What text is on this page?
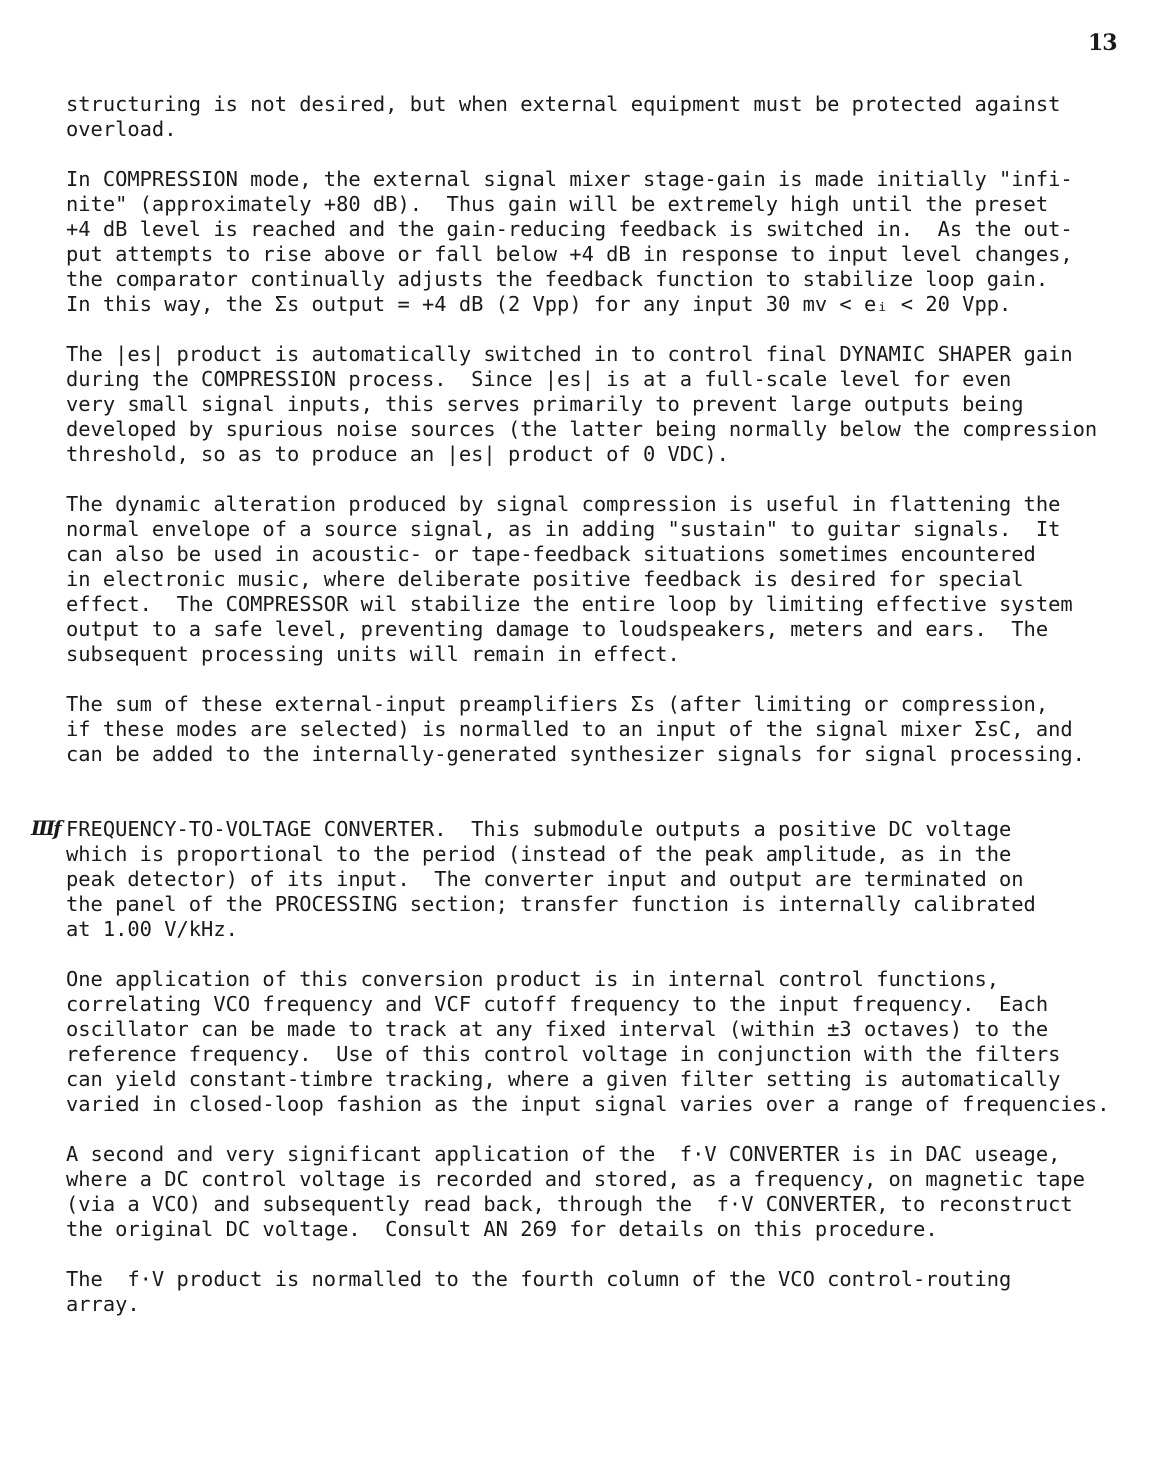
13

structuring is not desired, but when external equipment must be protected against
overload.

In COMPRESSION mode, the external signal mixer stage-gain is made initially "infi-
nite" (approximately +80 dB).  Thus gain will be extremely high until the preset
+4 dB level is reached and the gain-reducing feedback is switched in.  As the out-
put attempts to rise above or fall below +4 dB in response to input level changes,
the comparator continually adjusts the feedback function to stabilize loop gain.
In this way, the Σs output = +4 dB (2 Vpp) for any input 30 mv < eᵢ < 20 Vpp.

The |es| product is automatically switched in to control final DYNAMIC SHAPER gain
during the COMPRESSION process.  Since |es| is at a full-scale level for even
very small signal inputs, this serves primarily to prevent large outputs being
developed by spurious noise sources (the latter being normally below the compression
threshold, so as to produce an |es| product of 0 VDC).

The dynamic alteration produced by signal compression is useful in flattening the
normal envelope of a source signal, as in adding "sustain" to guitar signals.  It
can also be used in acoustic- or tape-feedback situations sometimes encountered
in electronic music, where deliberate positive feedback is desired for special
effect.  The COMPRESSOR wil stabilize the entire loop by limiting effective system
output to a safe level, preventing damage to loudspeakers, meters and ears.  The
subsequent processing units will remain in effect.

The sum of these external-input preamplifiers Σs (after limiting or compression,
if these modes are selected) is normalled to an input of the signal mixer ΣsC, and
can be added to the internally-generated synthesizer signals for signal processing.

IIIf FREQUENCY-TO-VOLTAGE CONVERTER.  This submodule outputs a positive DC voltage
which is proportional to the period (instead of the peak amplitude, as in the
peak detector) of its input.  The converter input and output are terminated on
the panel of the PROCESSING section; transfer function is internally calibrated
at 1.00 V/kHz.

One application of this conversion product is in internal control functions,
correlating VCO frequency and VCF cutoff frequency to the input frequency.  Each
oscillator can be made to track at any fixed interval (within ±3 octaves) to the
reference frequency.  Use of this control voltage in conjunction with the filters
can yield constant-timbre tracking, where a given filter setting is automatically
varied in closed-loop fashion as the input signal varies over a range of frequencies.

A second and very significant application of the  f·V CONVERTER is in DAC useage,
where a DC control voltage is recorded and stored, as a frequency, on magnetic tape
(via a VCO) and subsequently read back, through the  f·V CONVERTER, to reconstruct
the original DC voltage.  Consult AN 269 for details on this procedure.

The  f·V product is normalled to the fourth column of the VCO control-routing
array.
